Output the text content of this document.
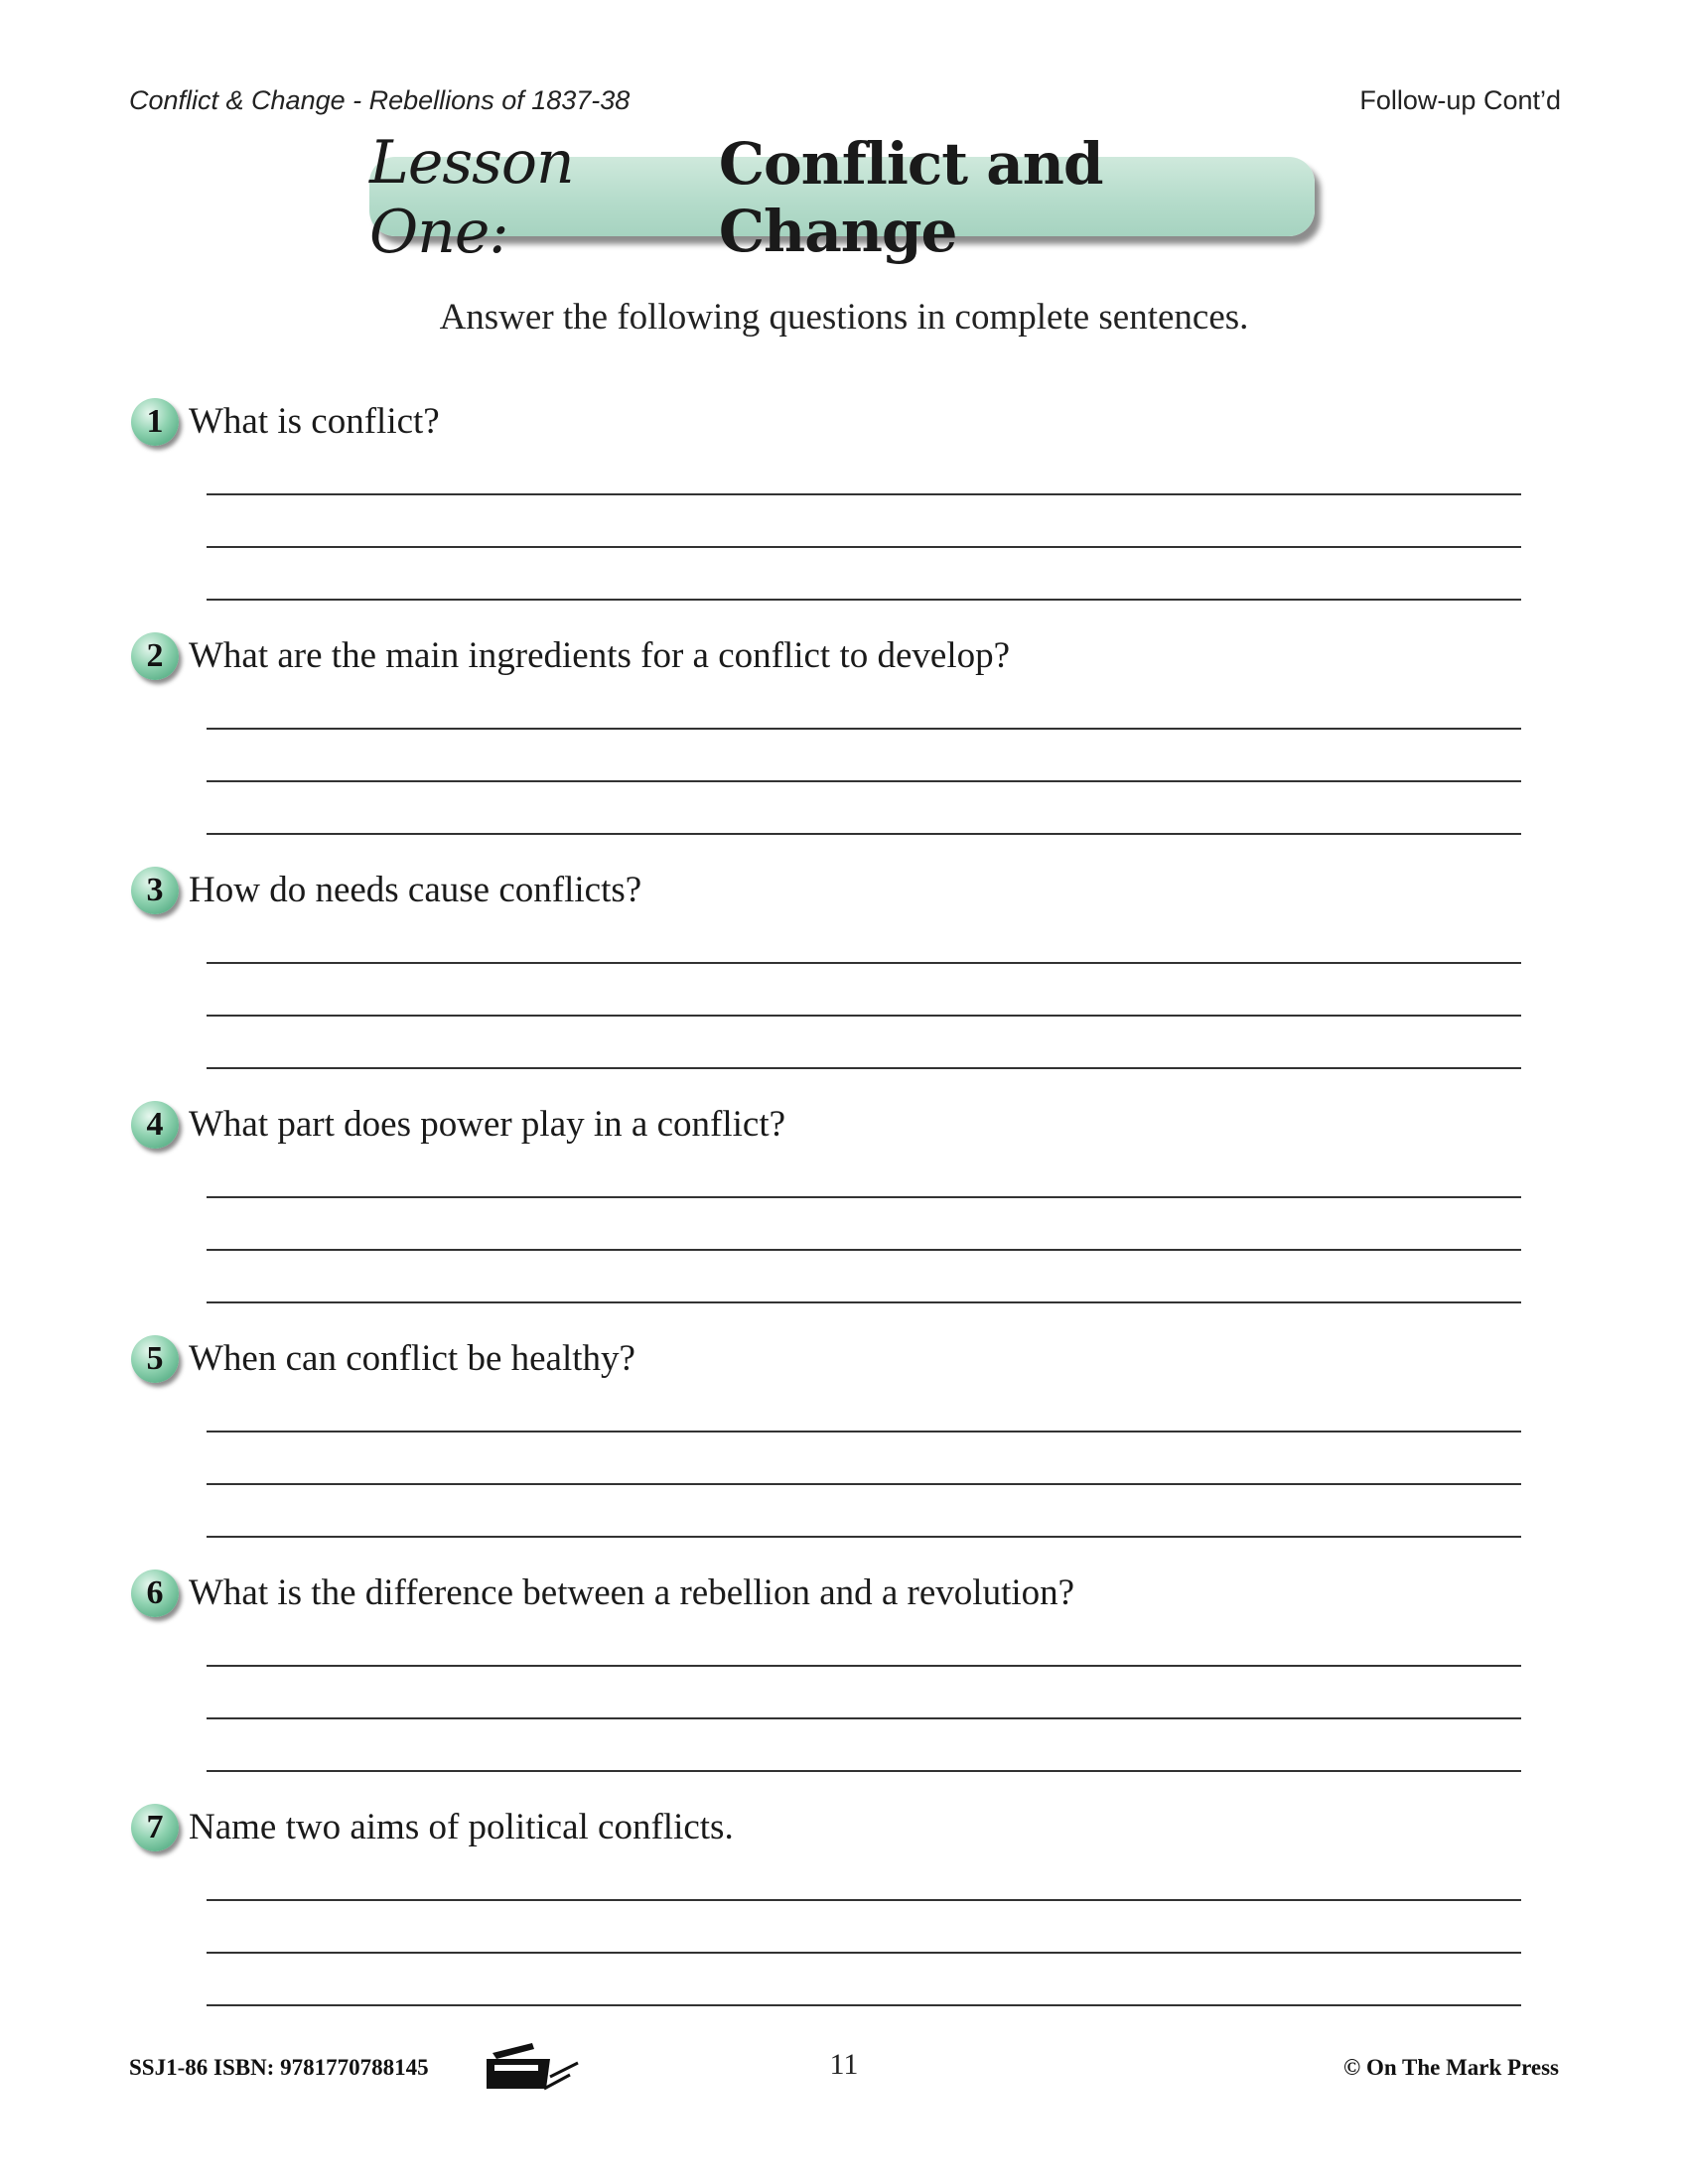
Conflict & Change - Rebellions of 1837-38	Follow-up Cont’d
Lesson One:
Conflict and Change
Answer the following questions in complete sentences.
1 What is conflict?
2 What are the main ingredients for a conflict to develop?
3 How do needs cause conflicts?
4 What part does power play in a conflict?
5 When can conflict be healthy?
6 What is the difference between a rebellion and a revolution?
7 Name two aims of political conflicts.
SSJ1-86 ISBN: 9781770788145	11	© On The Mark Press
